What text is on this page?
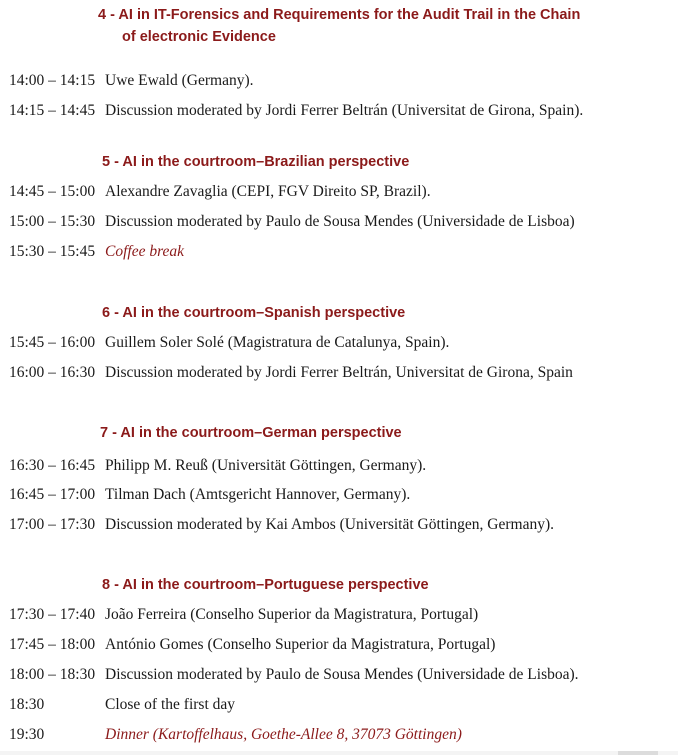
4 - AI in IT-Forensics and Requirements for the Audit Trail in the Chain
of electronic Evidence
14:00 – 14:15 Uwe Ewald (Germany).
14:15 – 14:45 Discussion moderated by Jordi Ferrer Beltrán (Universitat de Girona, Spain).
5 - AI in the courtroom–Brazilian perspective
14:45 – 15:00 Alexandre Zavaglia (CEPI, FGV Direito SP, Brazil).
15:00 – 15:30 Discussion moderated by Paulo de Sousa Mendes (Universidade de Lisboa)
15:30 – 15:45 Coffee break
6 - AI in the courtroom–Spanish perspective
15:45 – 16:00 Guillem Soler Solé (Magistratura de Catalunya, Spain).
16:00 – 16:30 Discussion moderated by Jordi Ferrer Beltrán, Universitat de Girona, Spain
7 - AI in the courtroom–German perspective
16:30 – 16:45 Philipp M. Reuß (Universität Göttingen, Germany).
16:45 – 17:00 Tilman Dach (Amtsgericht Hannover, Germany).
17:00 – 17:30 Discussion moderated by Kai Ambos (Universität Göttingen, Germany).
8 - AI in the courtroom–Portuguese perspective
17:30 – 17:40 João Ferreira (Conselho Superior da Magistratura, Portugal)
17:45 – 18:00 António Gomes (Conselho Superior da Magistratura, Portugal)
18:00 – 18:30 Discussion moderated by Paulo de Sousa Mendes (Universidade de Lisboa).
18:30	Close of the first day
19:30	Dinner (Kartoffelhaus, Goethe-Allee 8, 37073 Göttingen)
